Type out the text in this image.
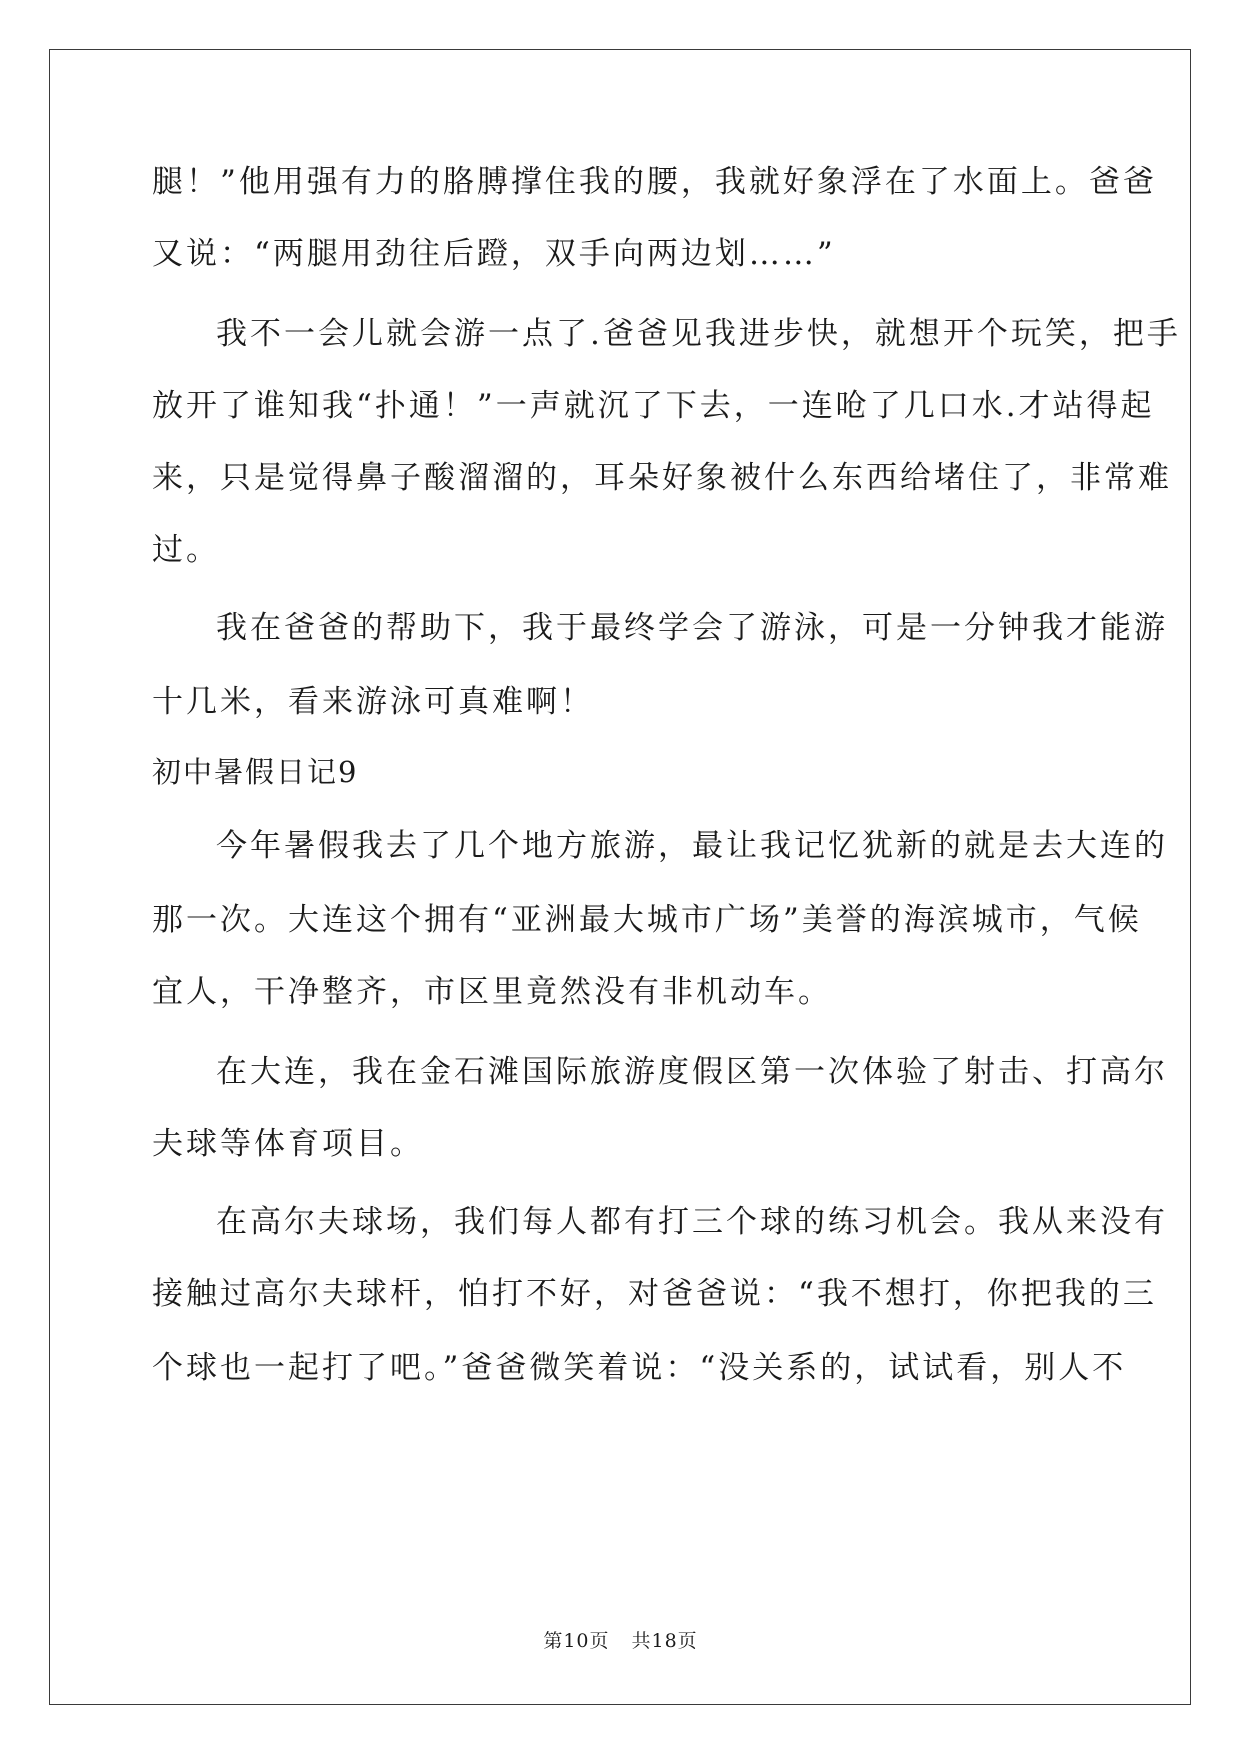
腿！”他用强有力的胳膊撑住我的腰，我就好象浮在了水面上。爸爸
又说：“两腿用劲往后蹬，双手向两边划……”
我不一会儿就会游一点了.爸爸见我进步快，就想开个玩笑，把手
放开了谁知我“扑通！”一声就沉了下去，一连呛了几口水.才站得起
来，只是觉得鼻子酸溜溜的，耳朵好象被什么东西给堵住了，非常难
过。
我在爸爸的帮助下，我于最终学会了游泳，可是一分钟我才能游
十几米，看来游泳可真难啊！
初中暑假日记9
今年暑假我去了几个地方旅游，最让我记忆犹新的就是去大连的
那一次。大连这个拥有“亚洲最大城市广场”美誉的海滨城市，气候
宜人，干净整齐，市区里竟然没有非机动车。
在大连，我在金石滩国际旅游度假区第一次体验了射击、打高尔
夫球等体育项目。
在高尔夫球场，我们每人都有打三个球的练习机会。我从来没有
接触过高尔夫球杆，怕打不好，对爸爸说：“我不想打，你把我的三
个球也一起打了吧。”爸爸微笑着说：“没关系的，试试看，别人不
第10页 共18页
